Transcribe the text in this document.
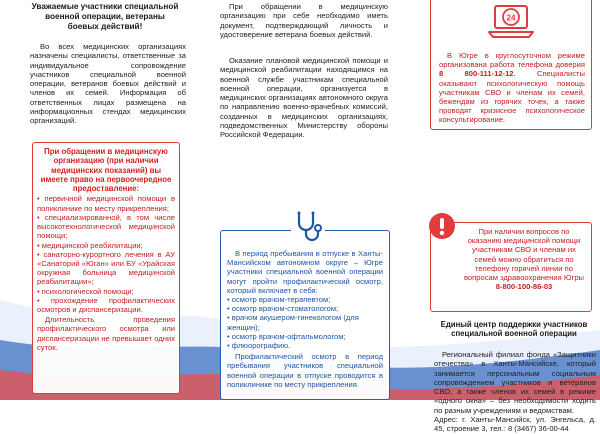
Уважаемые участники специальной военной операции, ветераны боевых действий!
Во всех медицинских организациях назначены специалисты, ответственные за индивидуальное сопровождение участников специальной военной операции, ветеранов боевых действий и членов их семей. Информация об ответственных лицах размещена на информационных стендах медицинских организаций.
При обращении в медицинскую организацию (при наличии медицинских показаний) вы имеете право на первоочередное предоставление:
• первичной медицинской помощи в поликлинике по месту прикрепления;
• специализированной, в том числе высокотехнологической медицинской помощи;
• медицинской реабилитации;
• санаторно-курортного лечения в АУ «Санаторий «Юган» или БУ «Урайская окружная больница медицинской реабилитации»;
• психологической помощи;
• прохождение профилактических осмотров и диспансеризации.
Длительность проведения профилактического осмотра или диспансеризации не превышает одних суток.
При обращении в медицинскую организацию при себе необходимо иметь документ, подтверждающий личность и удостоверение ветерана боевых действий.
Оказание плановой медицинской помощи и медицинской реабилитации находящимся на военной службе участникам специальной военной операции, организуется в медицинских организациях автономного округа по направлению военно-врачебных комиссий, созданных в медицинских организациях, подведомственных Министерству обороны Российской Федерации.
В период пребывания в отпуске в Ханты-Мансийском автономном округе – Югре участники специальной военной операции могут пройти профилактический осмотр, который включает в себя:
• осмотр врачом-терапевтом;
• осмотр врачом-стоматологом;
• врачом акушером-гинекологом (для женщин);
• осмотр врачом-офтальмологом;
• флюорографию.
Профилактический осмотр в период пребывания участников специальной военной операции в отпуске проводится в поликлинике по месту прикрепления.
24
В Югре в круглосуточном режиме организована работа телефона доверия 8 800-111-12-12. Специалисты оказывают психологическую помощь участникам СВО и членам их семей, бежендам из горячих точек, а также проводят кризисное психологическое консультирование.
При наличии вопросов по оказанию медицинской помощи участникам СВО и членам их семей можно обратиться по телефону горячей линии по вопросам здравоохранения Югры 8-800-100-86-03
Единый центр поддержки участников специальной военной операции
Региональный филиал фонда «Защитники отечества» в Ханты-Мансийске, который занимается персональным социальным сопровождением участников и ветеранов СВО, а также членов их семей в режиме «одного окна» – без необходимости ходить по разным учреждениям и ведомствам.
Адрес: г. Ханты-Мансийск, ул. Энгельса, д. 45, строение 3, тел.: 8 (3467) 36-00-44
